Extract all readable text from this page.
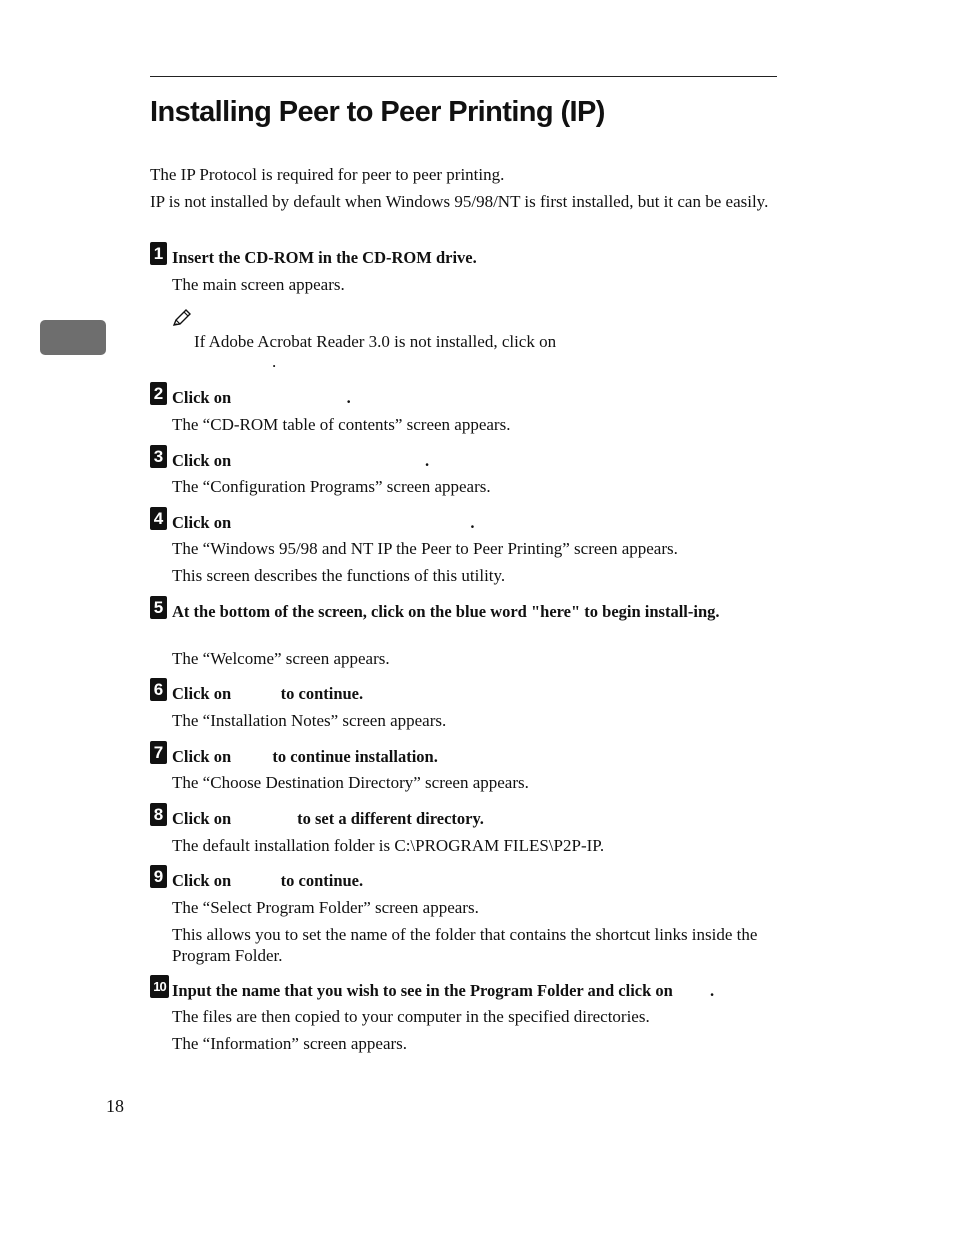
Installing Peer to Peer Printing (IP)
The IP Protocol is required for peer to peer printing.
IP is not installed by default when Windows 95/98/NT is first installed, but it can be easily.
1 Insert the CD-ROM in the CD-ROM drive.
The main screen appears.
If Adobe Acrobat Reader 3.0 is not installed, click on
.
2 Click on                            .
The “CD-ROM table of contents” screen appears.
3 Click on                                               .
The “Configuration Programs” screen appears.
4 Click on                                                          .
The “Windows 95/98 and NT IP the Peer to Peer Printing” screen appears.
This screen describes the functions of this utility.
5 At the bottom of the screen, click on the blue word "here" to begin install-ing.
The “Welcome” screen appears.
6 Click on            to continue.
The “Installation Notes” screen appears.
7 Click on          to continue installation.
The “Choose Destination Directory” screen appears.
8 Click on                to set a different directory.
The default installation folder is C:\PROGRAM FILES\P2P-IP.
9 Click on            to continue.
The “Select Program Folder” screen appears.
This allows you to set the name of the folder that contains the shortcut links inside the Program Folder.
10 Input the name that you wish to see in the Program Folder and click on         .
The files are then copied to your computer in the specified directories.
The “Information” screen appears.
18
